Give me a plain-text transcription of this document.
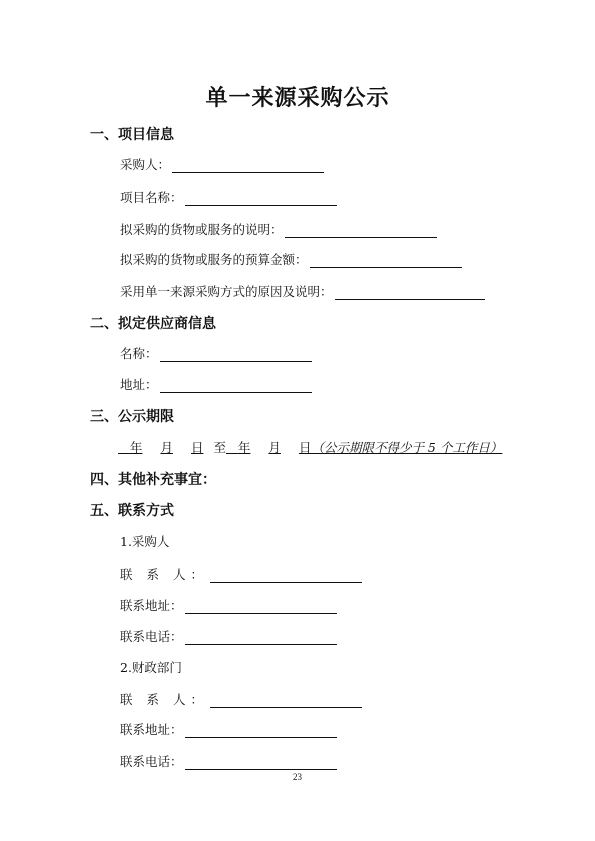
单一来源采购公示
一、项目信息
采购人：
项目名称：
拟采购的货物或服务的说明：
拟采购的货物或服务的预算金额：
采用单一来源采购方式的原因及说明：
二、拟定供应商信息
名称：
地址：
三、公示期限
年 月 日 至 年 月 日（公示期限不得少于 5 个工作日）
四、其他补充事宜：
五、联系方式
1.采购人
联 系 人：
联系地址：
联系电话：
2.财政部门
联 系 人：
联系地址：
联系电话：
23
